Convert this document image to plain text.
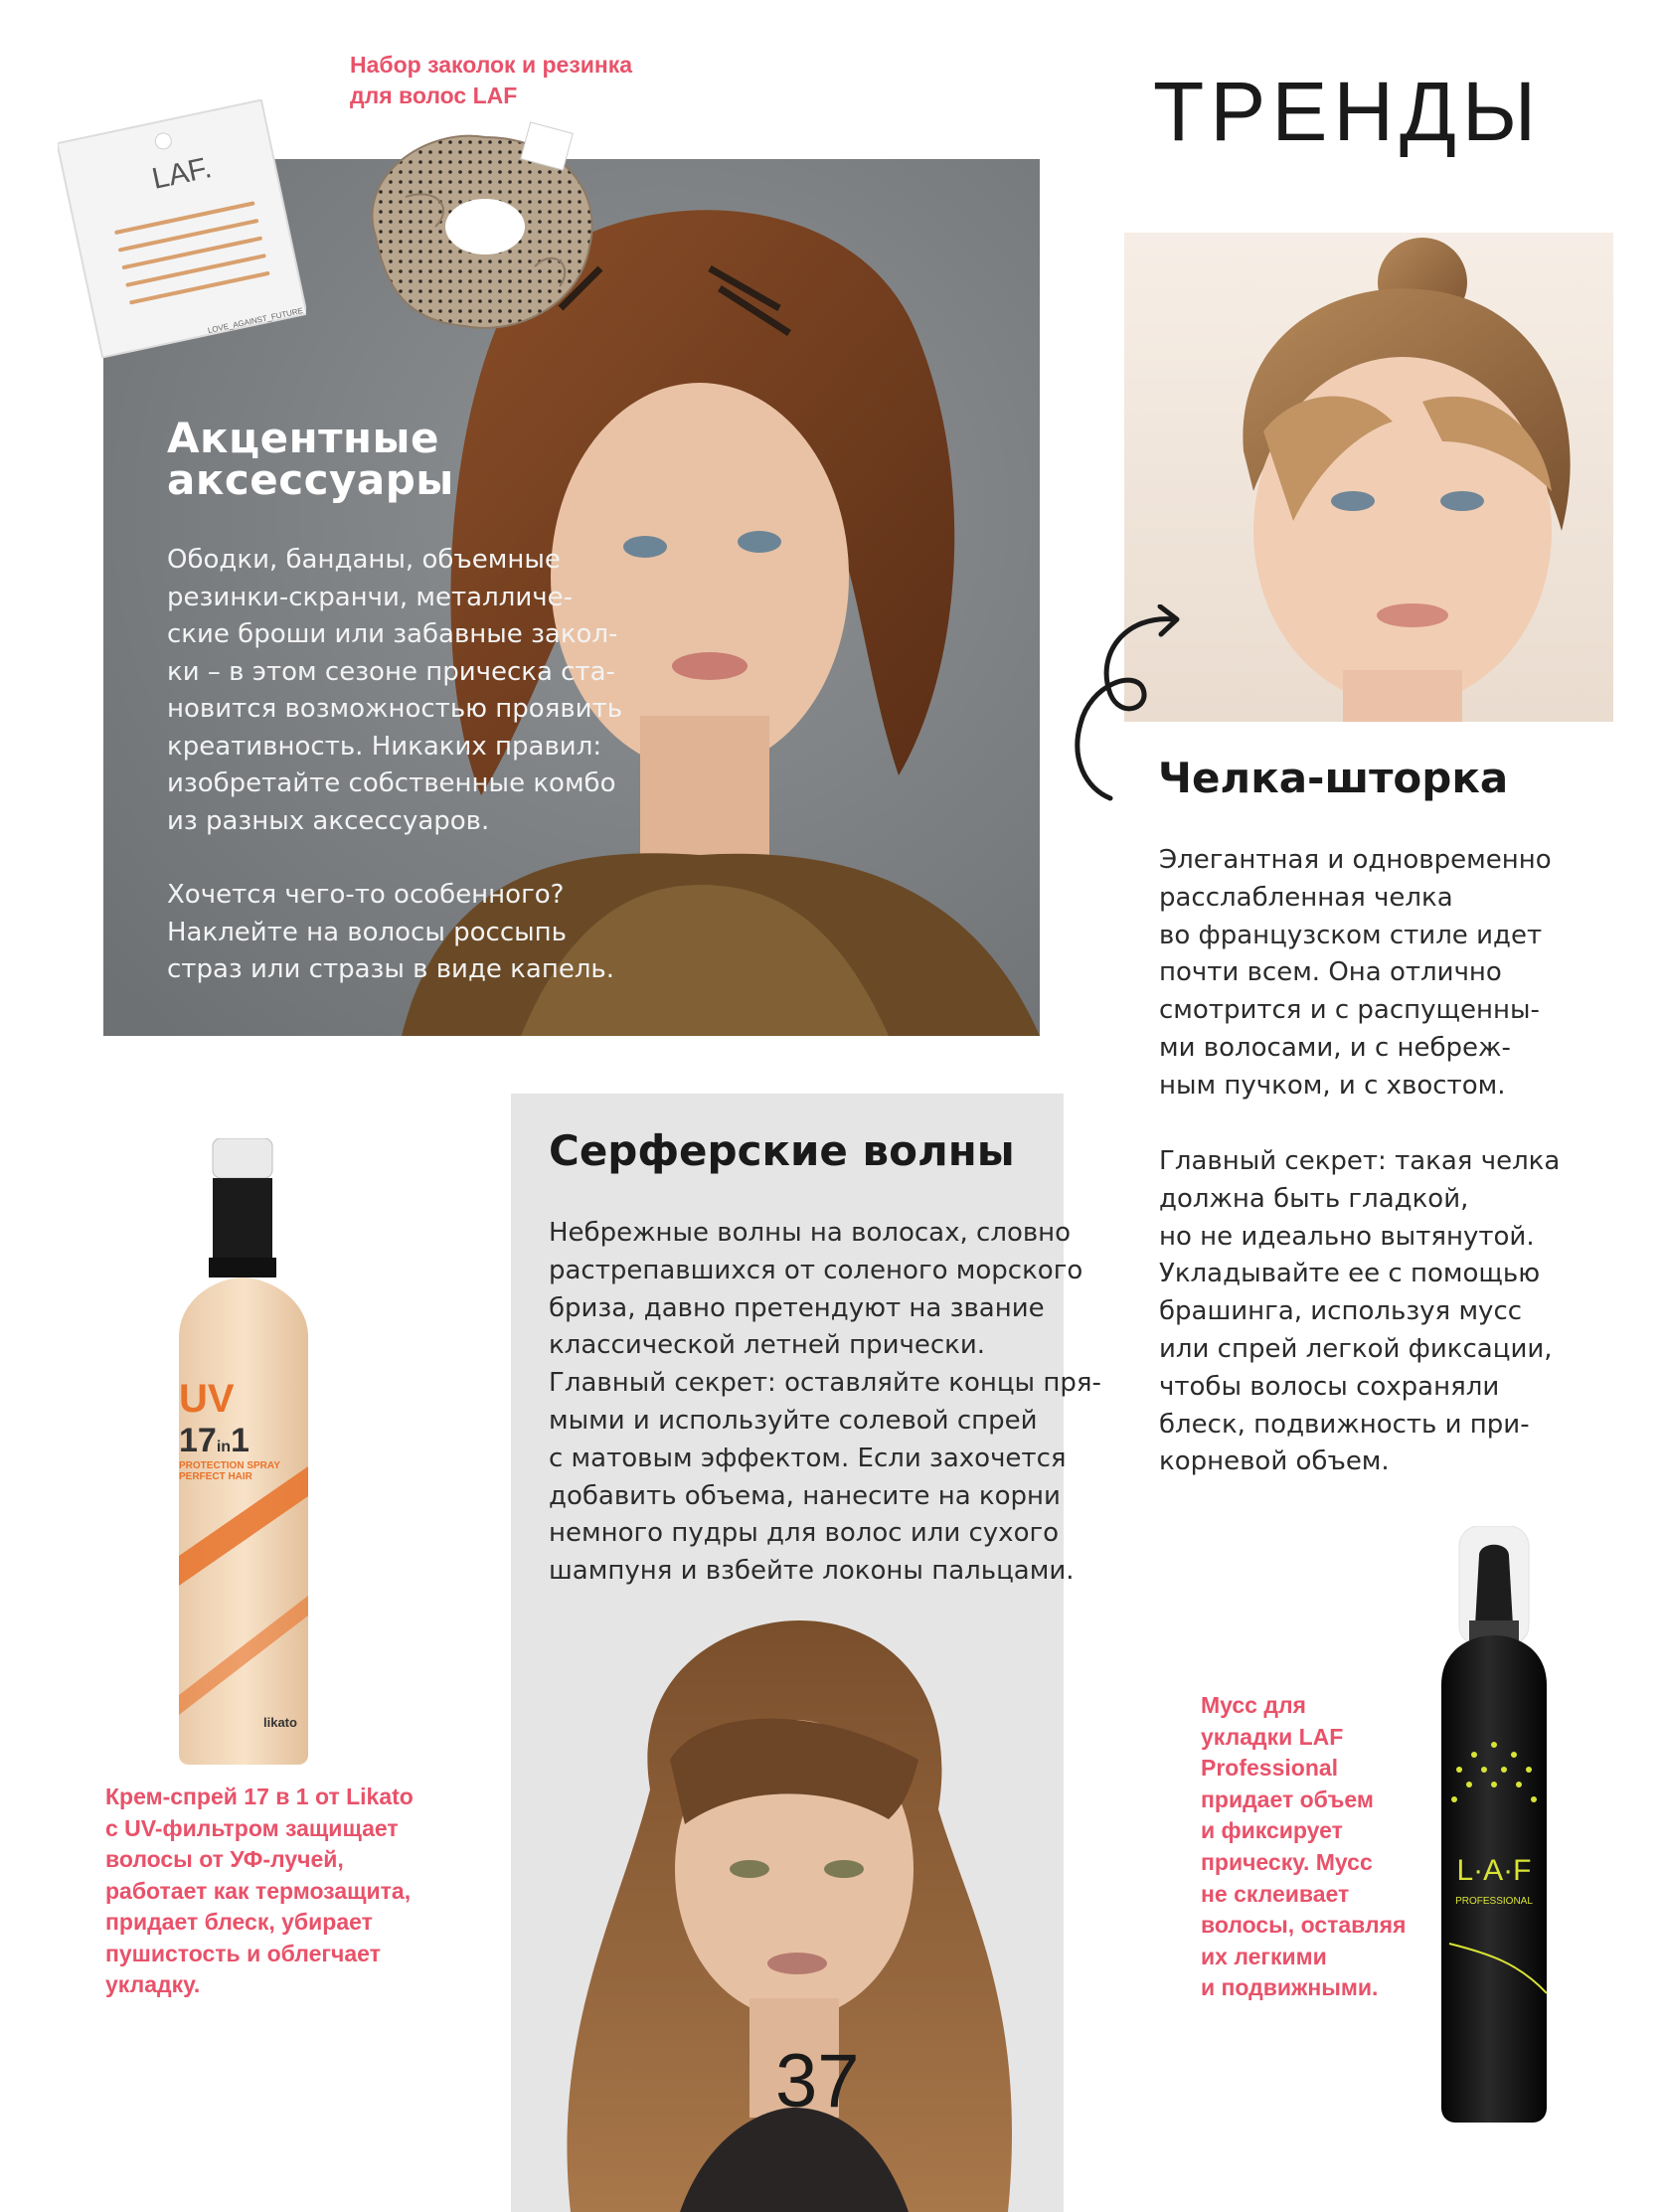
ТРЕНДЫ
Акцентные
аксессуары
Ободки, банданы, объемные
резинки-скранчи, металличе-
ские броши или забавные закол-
ки – в этом сезоне прическа ста-
новится возможностью проявить
креативность. Никаких правил:
изобретайте собственные комбо
из разных аксессуаров.
Хочется чего-то особенного?
Наклейте на волосы россыпь
страз или стразы в виде капель.
LAF.
LOVE_AGAINST_FUTURE
Набор заколок и резинка
для волос LAF
Челка-шторка
Элегантная и одновременно
расслабленная челка
во французском стиле идет
почти всем. Она отлично
смотрится и с распущенны-
ми волосами, и с небреж-
ным пучком, и с хвостом.
Главный секрет: такая челка
должна быть гладкой,
но не идеально вытянутой.
Укладывайте ее с помощью
брашинга, используя мусс
или спрей легкой фиксации,
чтобы волосы сохраняли
блеск, подвижность и при-
корневой объем.
Серферские волны
Небрежные волны на волосах, словно
растрепавшихся от соленого морского
бриза, давно претендуют на звание
классической летней прически.
Главный секрет: оставляйте концы пря-
мыми и используйте солевой спрей
с матовым эффектом. Если захочется
добавить объема, нанесите на корни
немного пудры для волос или сухого
шампуня и взбейте локоны пальцами.
37
UV 17in1
PROTECTION SPRAY
PERFECT HAIR
likato
Крем-спрей 17 в 1 от Likato
с UV-фильтром защищает
волосы от УФ-лучей,
работает как термозащита,
придает блеск, убирает
пушистость и облегчает
укладку.
L·A·F
PROFESSIONAL
Мусс для
укладки LAF
Professional
придает объем
и фиксирует
прическу. Мусс
не склеивает
волосы, оставляя
их легкими
и подвижными.
